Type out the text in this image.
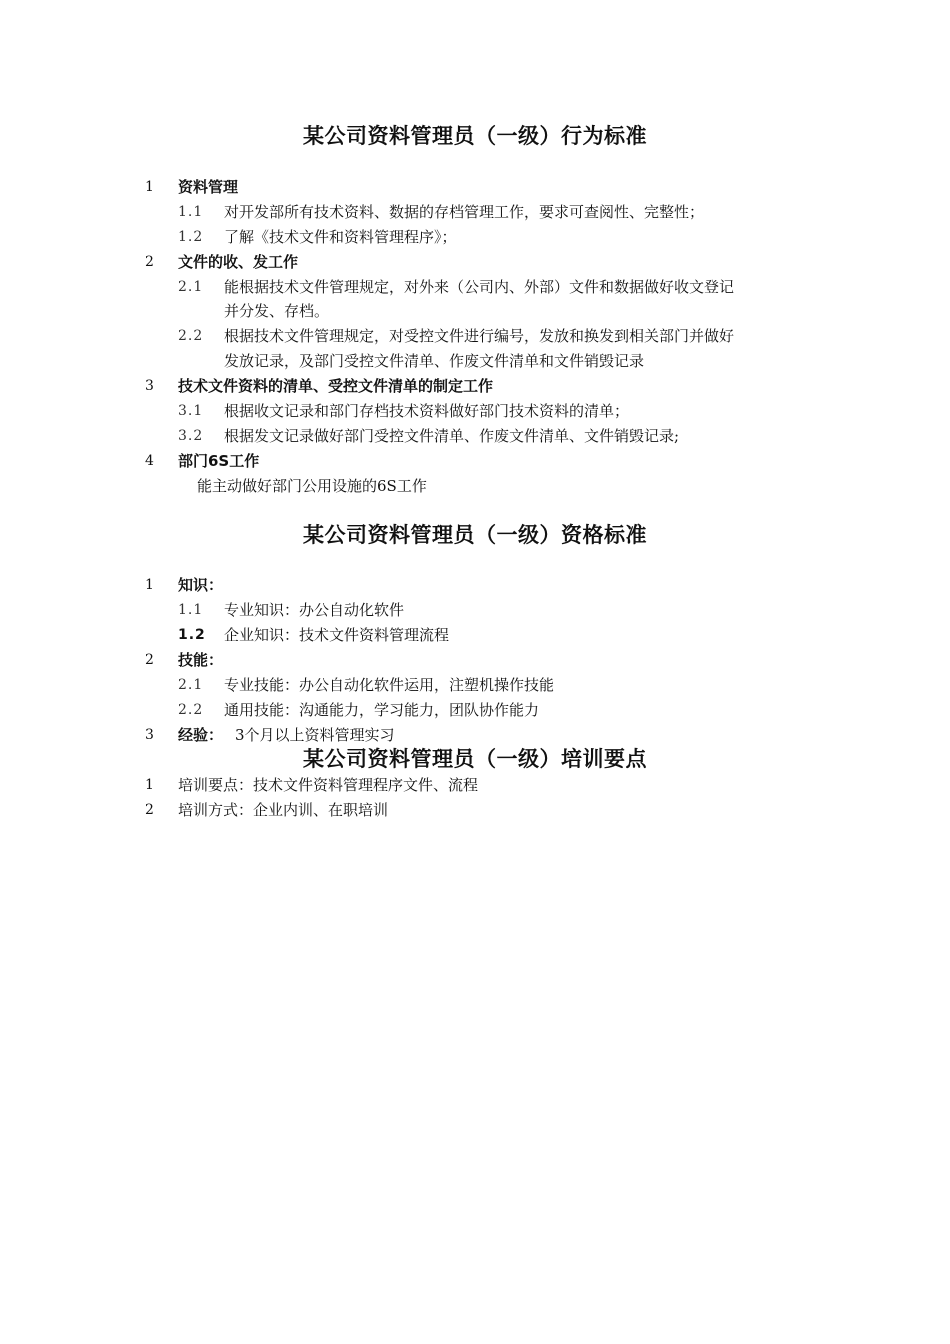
某公司资料管理员（一级）行为标准
1 资料管理
1.1 对开发部所有技术资料、数据的存档管理工作，要求可查阅性、完整性；
1.2 了解《技术文件和资料管理程序》；
2 文件的收、发工作
2.1 能根据技术文件管理规定，对外来（公司内、外部）文件和数据做好收文登记
并分发、存档。
2.2 根据技术文件管理规定，对受控文件进行编号，发放和换发到相关部门并做好
发放记录，及部门受控文件清单、作废文件清单和文件销毁记录
3 技术文件资料的清单、受控文件清单的制定工作
3.1 根据收文记录和部门存档技术资料做好部门技术资料的清单；
3.2 根据发文记录做好部门受控文件清单、作废文件清单、文件销毁记录;
4 部门6S工作
能主动做好部门公用设施的6S工作
某公司资料管理员（一级）资格标准
1 知识：
1.1 专业知识：办公自动化软件
1.2 企业知识：技术文件资料管理流程
2 技能：
2.1 专业技能：办公自动化软件运用，注塑机操作技能
2.2 通用技能：沟通能力，学习能力，团队协作能力
3 经验： 3个月以上资料管理实习
某公司资料管理员（一级）培训要点
1 培训要点：技术文件资料管理程序文件、流程
2 培训方式：企业内训、在职培训
